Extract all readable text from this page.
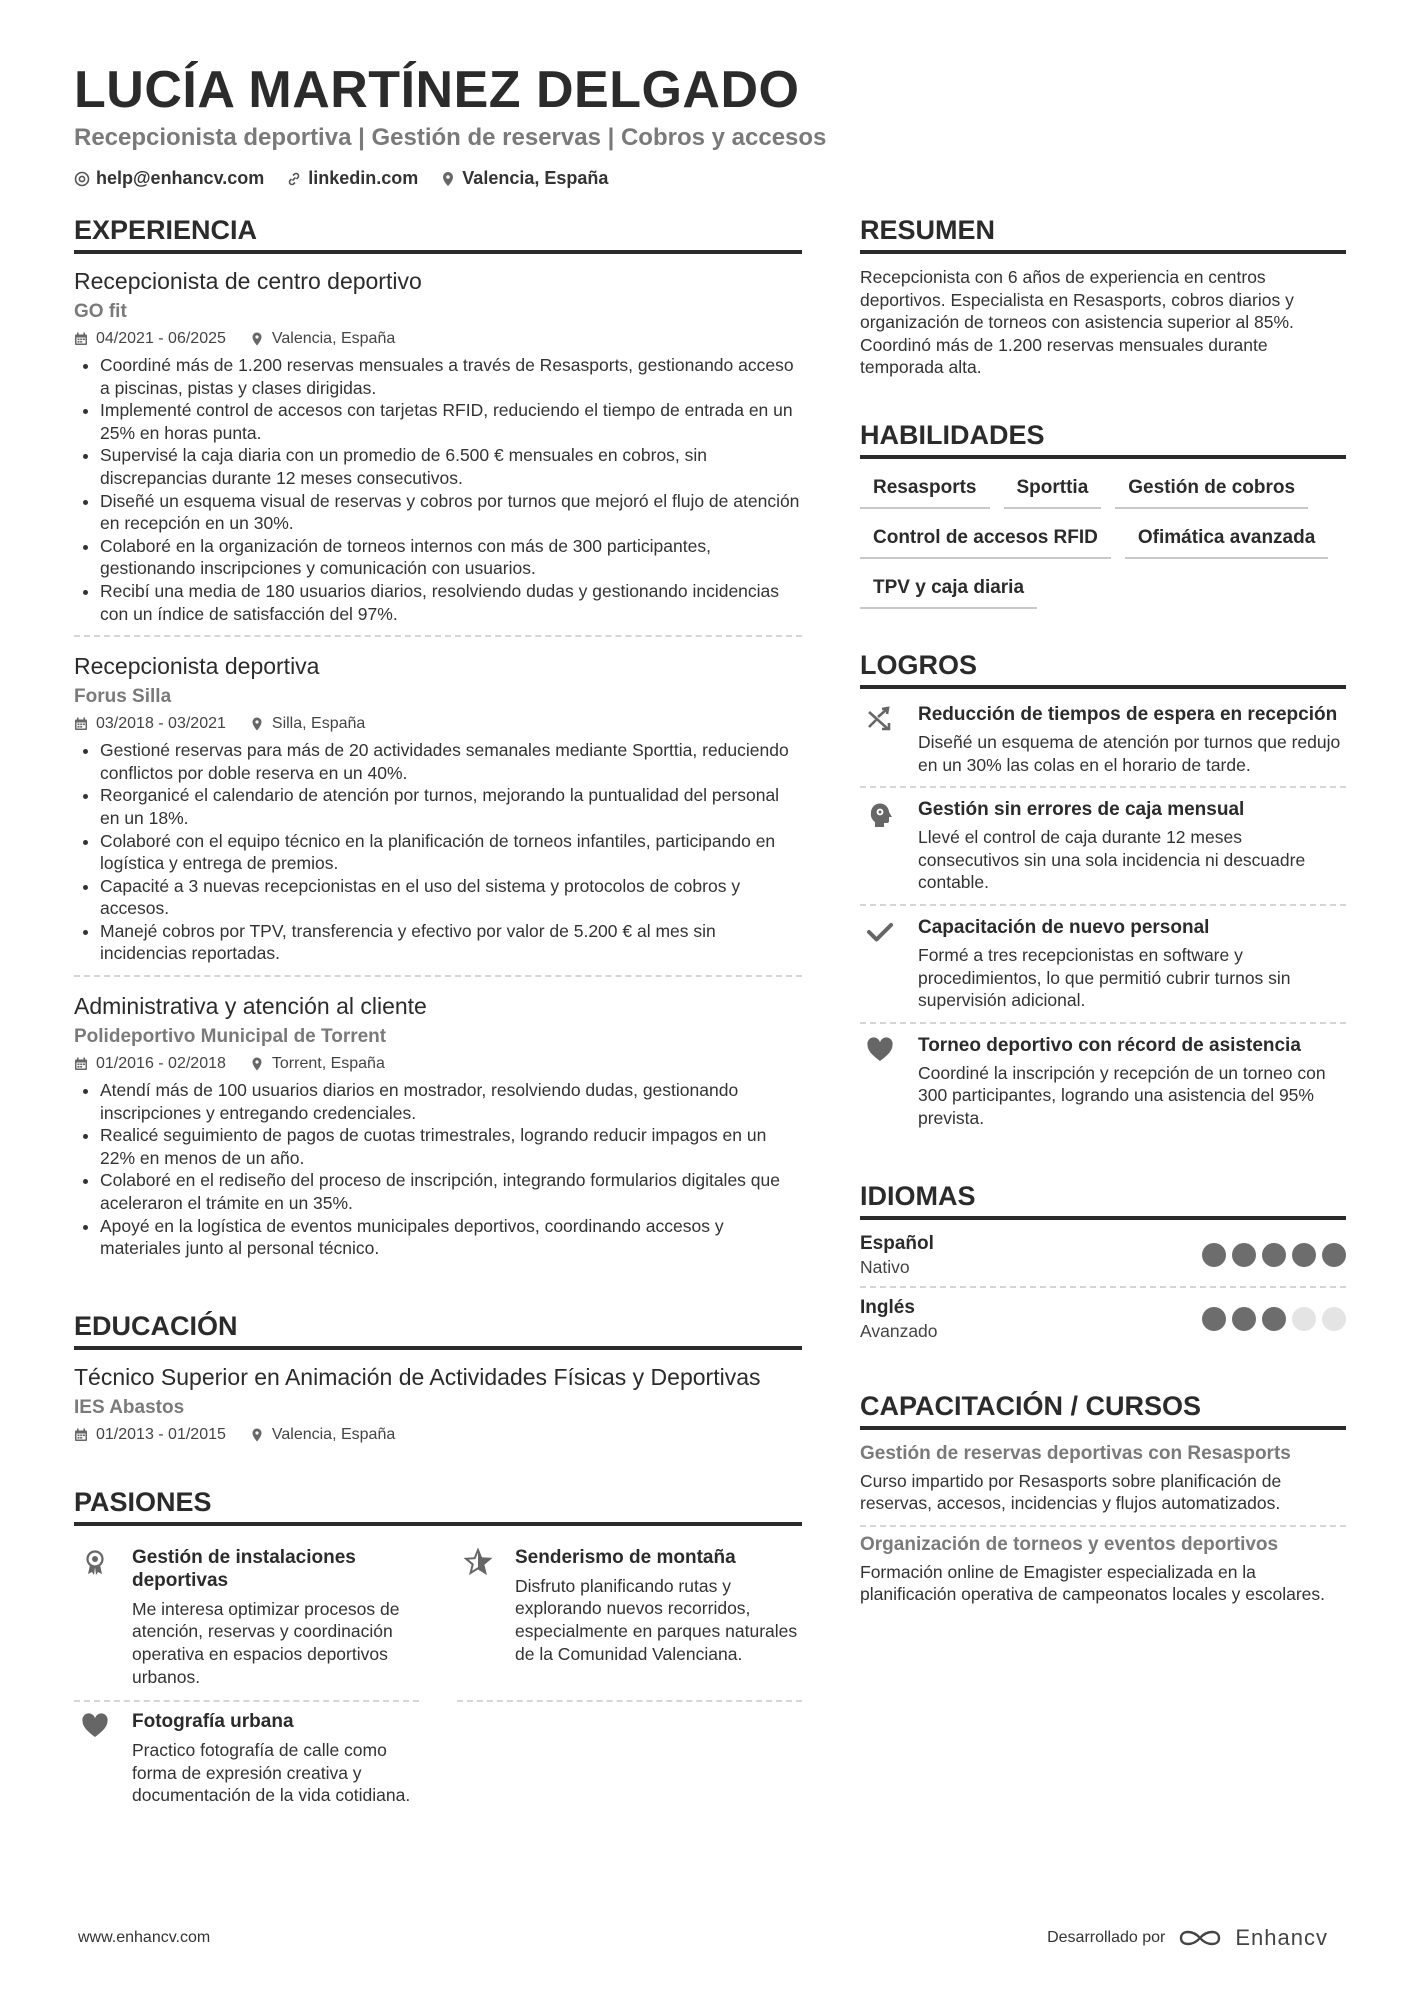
LUCÍA MARTÍNEZ DELGADO
Recepcionista deportiva | Gestión de reservas | Cobros y accesos
help@enhancv.com linkedin.com Valencia, España
EXPERIENCIA
Recepcionista de centro deportivo
GO fit
04/2021 - 06/2025	Valencia, España
• Coordiné más de 1.200 reservas mensuales a través de Resasports, gestionando acceso a piscinas, pistas y clases dirigidas.
• Implementé control de accesos con tarjetas RFID, reduciendo el tiempo de entrada en un 25% en horas punta.
• Supervisé la caja diaria con un promedio de 6.500 € mensuales en cobros, sin discrepancias durante 12 meses consecutivos.
• Diseñé un esquema visual de reservas y cobros por turnos que mejoró el flujo de atención en recepción en un 30%.
• Colaboré en la organización de torneos internos con más de 300 participantes, gestionando inscripciones y comunicación con usuarios.
• Recibí una media de 180 usuarios diarios, resolviendo dudas y gestionando incidencias con un índice de satisfacción del 97%.
Recepcionista deportiva
Forus Silla
03/2018 - 03/2021	Silla, España
• Gestioné reservas para más de 20 actividades semanales mediante Sporttia, reduciendo conflictos por doble reserva en un 40%.
• Reorganicé el calendario de atención por turnos, mejorando la puntualidad del personal en un 18%.
• Colaboré con el equipo técnico en la planificación de torneos infantiles, participando en logística y entrega de premios.
• Capacité a 3 nuevas recepcionistas en el uso del sistema y protocolos de cobros y accesos.
• Manejé cobros por TPV, transferencia y efectivo por valor de 5.200 € al mes sin incidencias reportadas.
Administrativa y atención al cliente
Polideportivo Municipal de Torrent
01/2016 - 02/2018	Torrent, España
• Atendí más de 100 usuarios diarios en mostrador, resolviendo dudas, gestionando inscripciones y entregando credenciales.
• Realicé seguimiento de pagos de cuotas trimestrales, logrando reducir impagos en un 22% en menos de un año.
• Colaboré en el rediseño del proceso de inscripción, integrando formularios digitales que aceleraron el trámite en un 35%.
• Apoyé en la logística de eventos municipales deportivos, coordinando accesos y materiales junto al personal técnico.
EDUCACIÓN
Técnico Superior en Animación de Actividades Físicas y Deportivas
IES Abastos
01/2013 - 01/2015	Valencia, España
PASIONES
Gestión de instalaciones deportivas
Me interesa optimizar procesos de atención, reservas y coordinación operativa en espacios deportivos urbanos.
Senderismo de montaña
Disfruto planificando rutas y explorando nuevos recorridos, especialmente en parques naturales de la Comunidad Valenciana.
Fotografía urbana
Practico fotografía de calle como forma de expresión creativa y documentación de la vida cotidiana.
RESUMEN
Recepcionista con 6 años de experiencia en centros deportivos. Especialista en Resasports, cobros diarios y organización de torneos con asistencia superior al 85%. Coordinó más de 1.200 reservas mensuales durante temporada alta.
HABILIDADES
Resasports	Sporttia	Gestión de cobros
Control de accesos RFID	Ofimática avanzada
TPV y caja diaria
LOGROS
Reducción de tiempos de espera en recepción
Diseñé un esquema de atención por turnos que redujo en un 30% las colas en el horario de tarde.
Gestión sin errores de caja mensual
Llevé el control de caja durante 12 meses consecutivos sin una sola incidencia ni descuadre contable.
Capacitación de nuevo personal
Formé a tres recepcionistas en software y procedimientos, lo que permitió cubrir turnos sin supervisión adicional.
Torneo deportivo con récord de asistencia
Coordiné la inscripción y recepción de un torneo con 300 participantes, logrando una asistencia del 95% prevista.
IDIOMAS
Español
Nativo
Inglés
Avanzado
CAPACITACIÓN / CURSOS
Gestión de reservas deportivas con Resasports
Curso impartido por Resasports sobre planificación de reservas, accesos, incidencias y flujos automatizados.
Organización de torneos y eventos deportivos
Formación online de Emagister especializada en la planificación operativa de campeonatos locales y escolares.
www.enhancv.com	Desarrollado por	Enhancv
